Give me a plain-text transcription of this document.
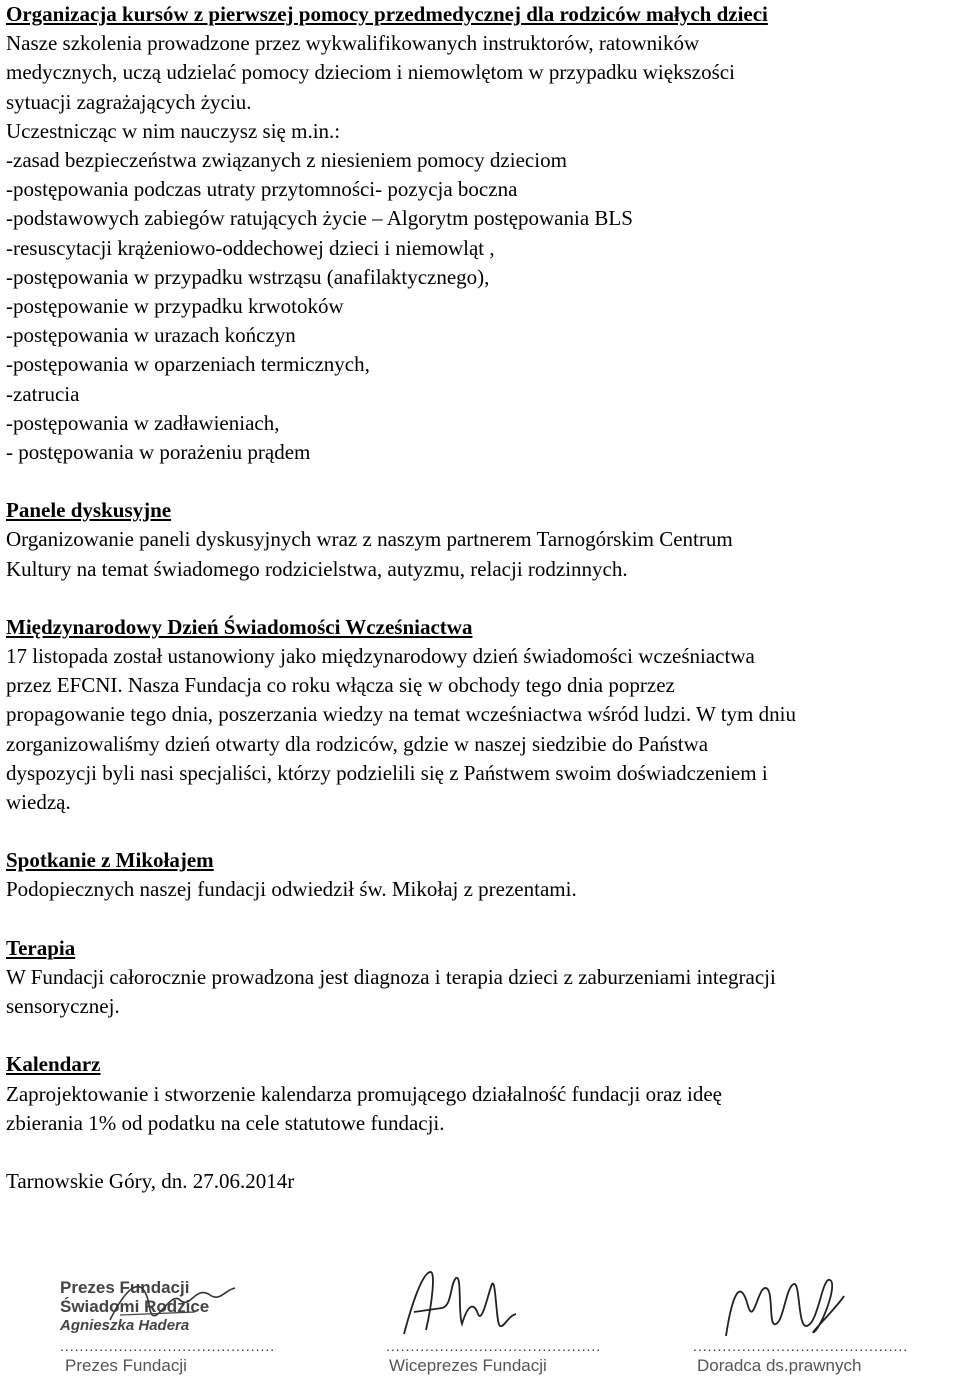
Organizacja kursów z pierwszej pomocy przedmedycznej dla rodziców małych dzieci

Nasze szkolenia prowadzone przez wykwalifikowanych instruktorów, ratowników

medycznych, uczą udzielać pomocy dzieciom i niemowlętom w przypadku większości

sytuacji zagrażających życiu.

Uczestnicząc w nim nauczysz się m.in.:

-zasad bezpieczeństwa związanych z niesieniem pomocy dzieciom

-postępowania podczas utraty przytomności- pozycja boczna

-podstawowych zabiegów ratujących życie – Algorytm postępowania BLS

-resuscytacji krążeniowo-oddechowej dzieci i niemowląt ,

-postępowania w przypadku wstrząsu (anafilaktycznego),

-postępowanie w przypadku krwotoków

-postępowania w urazach kończyn

-postępowania w oparzeniach termicznych,

-zatrucia

-postępowania w zadławieniach,

- postępowania w porażeniu prądem

Panele dyskusyjne

Organizowanie paneli dyskusyjnych wraz z naszym partnerem Tarnogórskim Centrum

Kultury na temat świadomego rodzicielstwa, autyzmu, relacji rodzinnych.

Międzynarodowy Dzień Świadomości Wcześniactwa

17 listopada został ustanowiony jako międzynarodowy dzień świadomości wcześniactwa

przez EFCNI. Nasza Fundacja co roku włącza się w obchody tego dnia poprzez

propagowanie tego dnia, poszerzania wiedzy na temat wcześniactwa wśród ludzi. W tym dniu

zorganizowaliśmy dzień otwarty dla rodziców, gdzie w naszej siedzibie do Państwa

dyspozycji byli nasi specjaliści, którzy podzielili się z Państwem swoim doświadczeniem i

wiedzą.

Spotkanie z Mikołajem

Podopiecznych naszej fundacji odwiedził św. Mikołaj z prezentami.

Terapia

W Fundacji całorocznie prowadzona jest diagnoza i terapia dzieci z zaburzeniami integracji

sensorycznej.

Kalendarz

Zaprojektowanie i stworzenie kalendarza promującego działalność fundacji oraz ideę

zbierania 1% od podatku na cele statutowe fundacji.

Tarnowskie Góry, dn. 27.06.2014r

Prezes Fundacji
Świadomi Rodzice
Agnieszka Hadera
............................................
Prezes Fundacji
............................................
Wiceprezes Fundacji
............................................
Doradca ds.prawnych
